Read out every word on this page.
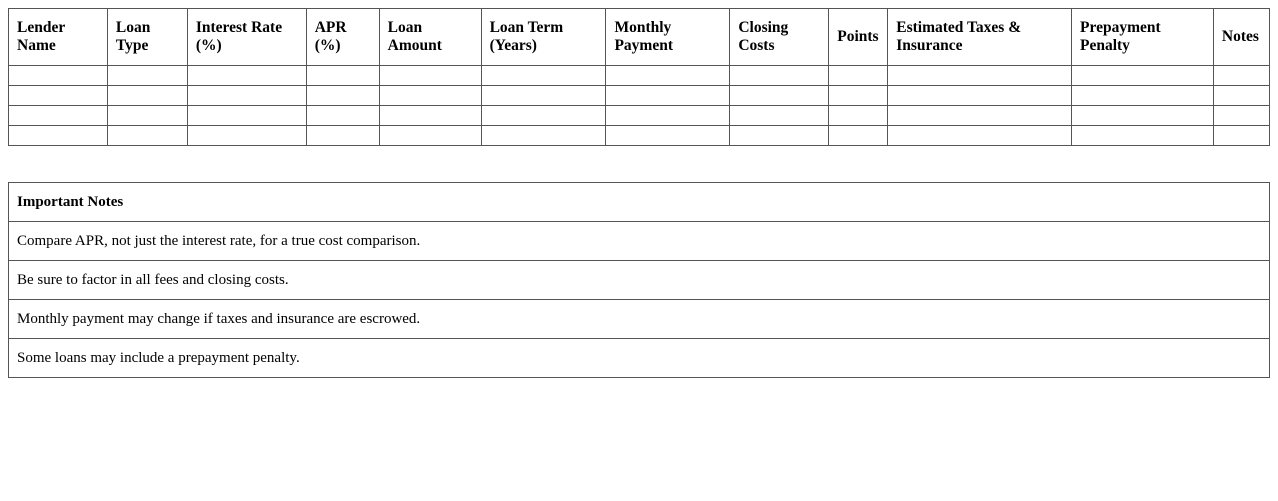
Lender Name	Loan Type	Interest Rate (%)	APR (%)	Loan Amount	Loan Term (Years)	Monthly Payment	Closing Costs	Points	Estimated Taxes & Insurance	Prepayment Penalty	Notes

Important Notes
Compare APR, not just the interest rate, for a true cost comparison.
Be sure to factor in all fees and closing costs.
Monthly payment may change if taxes and insurance are escrowed.
Some loans may include a prepayment penalty.
